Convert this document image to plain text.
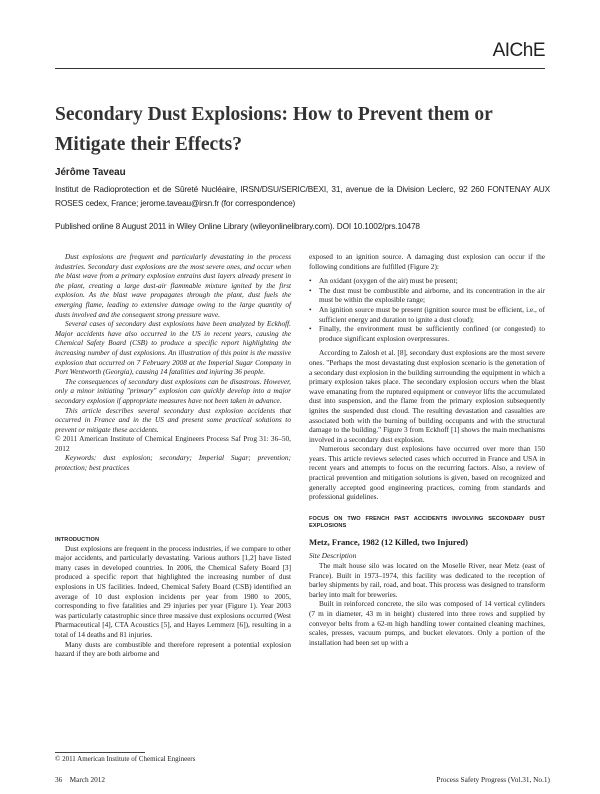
AIChE
Secondary Dust Explosions: How to Prevent them or Mitigate their Effects?

Jérôme Taveau

Institut de Radioprotection et de Sûreté Nucléaire, IRSN/DSU/SERIC/BEXI, 31, avenue de la Division Leclerc, 92 260 FONTENAY AUX ROSES cedex, France; jerome.taveau@irsn.fr (for correspondence)

Published online 8 August 2011 in Wiley Online Library (wileyonlinelibrary.com). DOI 10.1002/prs.10478

Dust explosions are frequent and particularly devastating in the process industries. Secondary dust explosions are the most severe ones, and occur when the blast wave from a primary explosion entrains dust layers already present in the plant, creating a large dust-air flammable mixture ignited by the first explosion. As the blast wave propagates through the plant, dust fuels the emerging flame, leading to extensive damage owing to the large quantity of dusts involved and the consequent strong pressure wave.

Several cases of secondary dust explosions have been analyzed by Eckhoff. Major accidents have also occurred in the US in recent years, causing the Chemical Safety Board (CSB) to produce a specific report highlighting the increasing number of dust explosions. An illustration of this point is the massive explosion that occurred on 7 February 2008 at the Imperial Sugar Company in Port Wentworth (Georgia), causing 14 fatalities and injuring 36 people.

The consequences of secondary dust explosions can be disastrous. However, only a minor initiating "primary" explosion can quickly develop into a major secondary explosion if appropriate measures have not been taken in advance.

This article describes several secondary dust explosion accidents that occurred in France and in the US and present some practical solutions to prevent or mitigate these accidents.

© 2011 American Institute of Chemical Engineers Process Saf Prog 31: 36–50, 2012

Keywords: dust explosion; secondary; Imperial Sugar; prevention; protection; best practices

INTRODUCTION

Dust explosions are frequent in the process industries, if we compare to other major accidents, and particularly devastating. Various authors [1,2] have listed many cases in developed countries. In 2006, the Chemical Safety Board [3] produced a specific report that highlighted the increasing number of dust explosions in US facilities. Indeed, Chemical Safety Board (CSB) identified an average of 10 dust explosion incidents per year from 1980 to 2005, corresponding to five fatalities and 29 injuries per year (Figure 1). Year 2003 was particularly catastrophic since three massive dust explosions occurred (West Pharmaceutical [4], CTA Acoustics [5], and Hayes Lemmerz [6]), resulting in a total of 14 deaths and 81 injuries.

Many dusts are combustible and therefore represent a potential explosion hazard if they are both airborne and

exposed to an ignition source. A damaging dust explosion can occur if the following conditions are fulfilled (Figure 2):

• An oxidant (oxygen of the air) must be present;
• The dust must be combustible and airborne, and its concentration in the air must be within the explosible range;
• An ignition source must be present (ignition source must be efficient, i.e., of sufficient energy and duration to ignite a dust cloud);
• Finally, the environment must be sufficiently confined (or congested) to produce significant explosion overpressures.

According to Zalosh et al. [8], secondary dust explosions are the most severe ones. "Perhaps the most devastating dust explosion scenario is the generation of a secondary dust explosion in the building surrounding the equipment in which a primary explosion takes place. The secondary explosion occurs when the blast wave emanating from the ruptured equipment or conveyor lifts the accumulated dust into suspension, and the flame from the primary explosion subsequently ignites the suspended dust cloud. The resulting devastation and casualties are associated both with the burning of building occupants and with the structural damage to the building." Figure 3 from Eckhoff [1] shows the main mechanisms involved in a secondary dust explosion.

Numerous secondary dust explosions have occurred over more than 150 years. This article reviews selected cases which occurred in France and USA in recent years and attempts to focus on the recurring factors. Also, a review of practical prevention and mitigation solutions is given, based on recognized and generally accepted good engineering practices, coming from standards and professional guidelines.

FOCUS ON TWO FRENCH PAST ACCIDENTS INVOLVING SECONDARY DUST EXPLOSIONS

Metz, France, 1982 (12 Killed, two Injured)

Site Description

The malt house silo was located on the Moselle River, near Metz (east of France). Built in 1973–1974, this facility was dedicated to the reception of barley shipments by rail, road, and boat. This process was designed to transform barley into malt for breweries.

Built in reinforced concrete, the silo was composed of 14 vertical cylinders (7 m in diameter, 43 m in height) clustered into three rows and supplied by conveyor belts from a 62-m high handling tower contained cleaning machines, scales, presses, vacuum pumps, and bucket elevators. Only a portion of the installation had been set up with a

© 2011 American Institute of Chemical Engineers

36    March 2012	Process Safety Progress (Vol.31, No.1)
